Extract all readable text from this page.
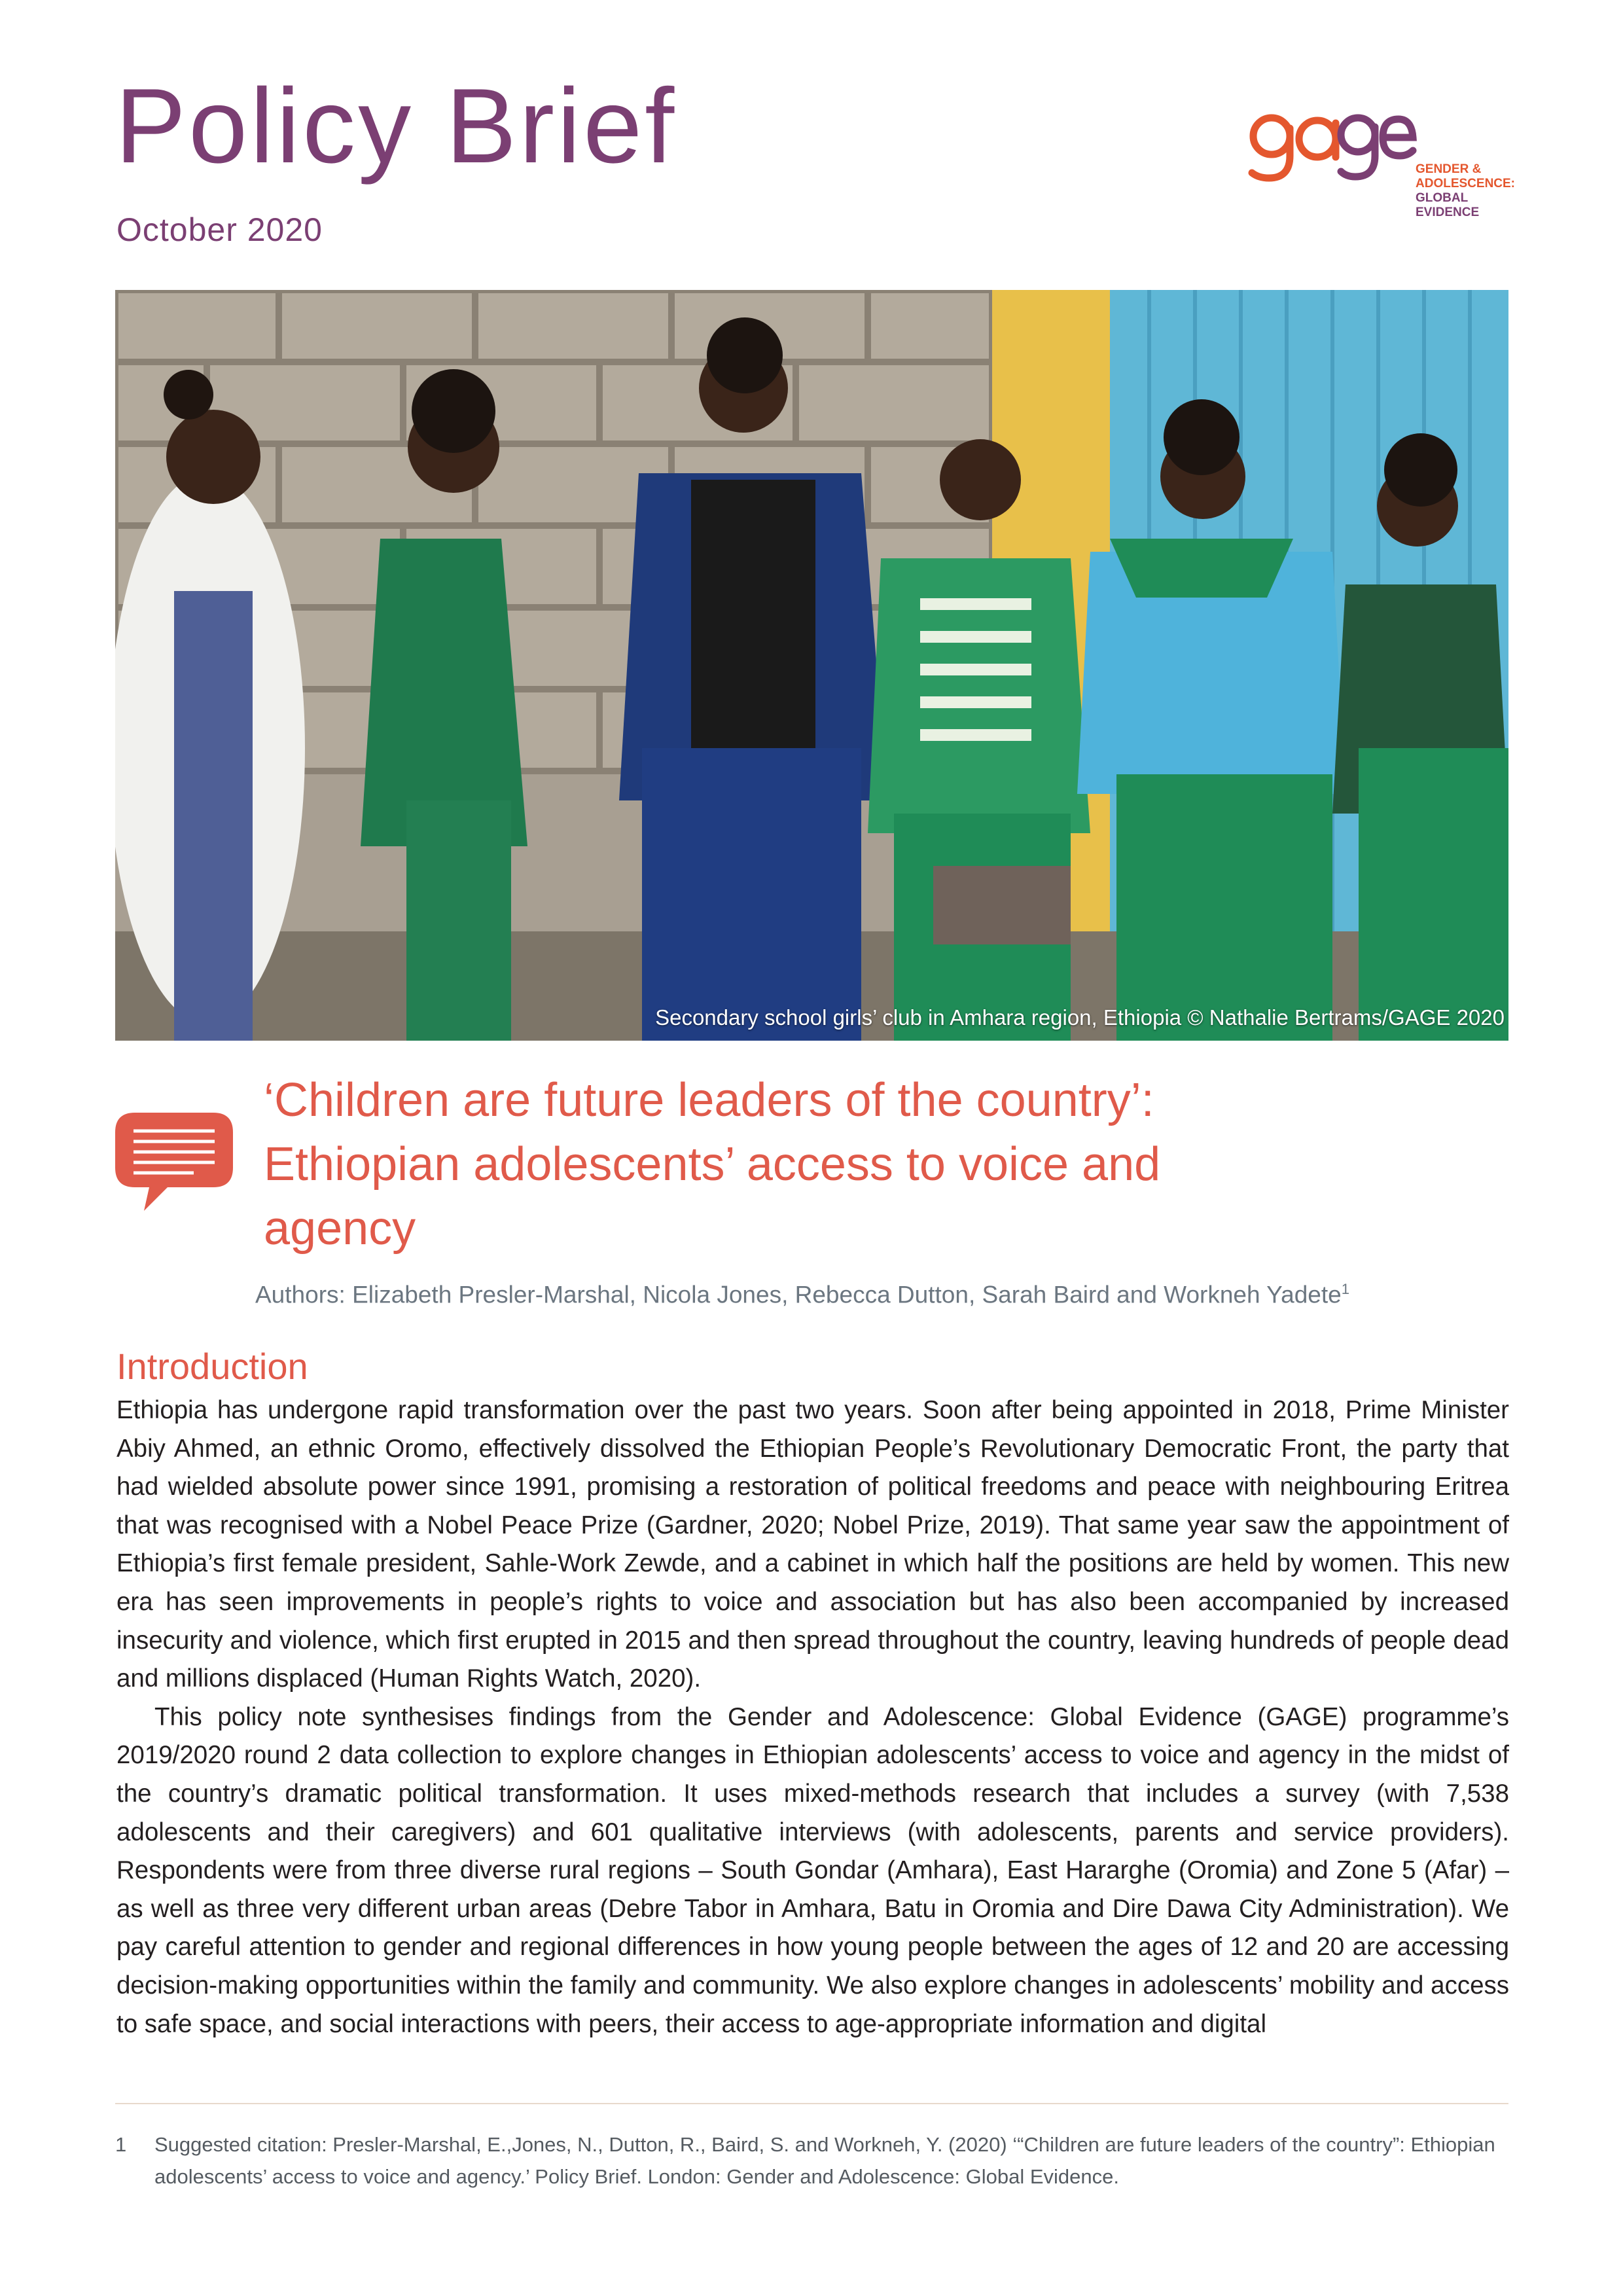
Policy Brief
October 2020
gage
GENDER &
ADOLESCENCE:
GLOBAL
EVIDENCE
Secondary school girls’ club in Amhara region, Ethiopia © Nathalie Bertrams/GAGE 2020
‘Children are future leaders of the country’:
Ethiopian adolescents’ access to voice and
agency
Authors: Elizabeth Presler-Marshal, Nicola Jones, Rebecca Dutton, Sarah Baird and Workneh Yadete$^1$
Introduction

Ethiopia has undergone rapid transformation over the past two years. Soon after being appointed in 2018, Prime Minister Abiy Ahmed, an ethnic Oromo, effectively dissolved the Ethiopian People’s Revolutionary Democratic Front, the party that had wielded absolute power since 1991, promising a restoration of political freedoms and peace with neighbouring Eritrea that was recognised with a Nobel Peace Prize (Gardner, 2020; Nobel Prize, 2019). That same year saw the appointment of Ethiopia’s first female president, Sahle-Work Zewde, and a cabinet in which half the positions are held by women. This new era has seen improvements in people’s rights to voice and association but has also been accompanied by increased insecurity and violence, which first erupted in 2015 and then spread throughout the country, leaving hundreds of people dead and millions displaced (Human Rights Watch, 2020).

This policy note synthesises findings from the Gender and Adolescence: Global Evidence (GAGE) programme’s 2019/2020 round 2 data collection to explore changes in Ethiopian adolescents’ access to voice and agency in the midst of the country’s dramatic political transformation. It uses mixed-methods research that includes a survey (with 7,538 adolescents and their caregivers) and 601 qualitative interviews (with adolescents, parents and service providers). Respondents were from three diverse rural regions – South Gondar (Amhara), East Hararghe (Oromia) and Zone 5 (Afar) – as well as three very different urban areas (Debre Tabor in Amhara, Batu in Oromia and Dire Dawa City Administration). We pay careful attention to gender and regional differences in how young people between the ages of 12 and 20 are accessing decision-making opportunities within the family and community. We also explore changes in adolescents’ mobility and access to safe space, and social interactions with peers, their access to age-appropriate information and digital

1 Suggested citation: Presler-Marshal, E.,Jones, N., Dutton, R., Baird, S. and Workneh, Y. (2020) ‘“Children are future leaders of the country”: Ethiopian adolescents’ access to voice and agency.’ Policy Brief. London: Gender and Adolescence: Global Evidence.
